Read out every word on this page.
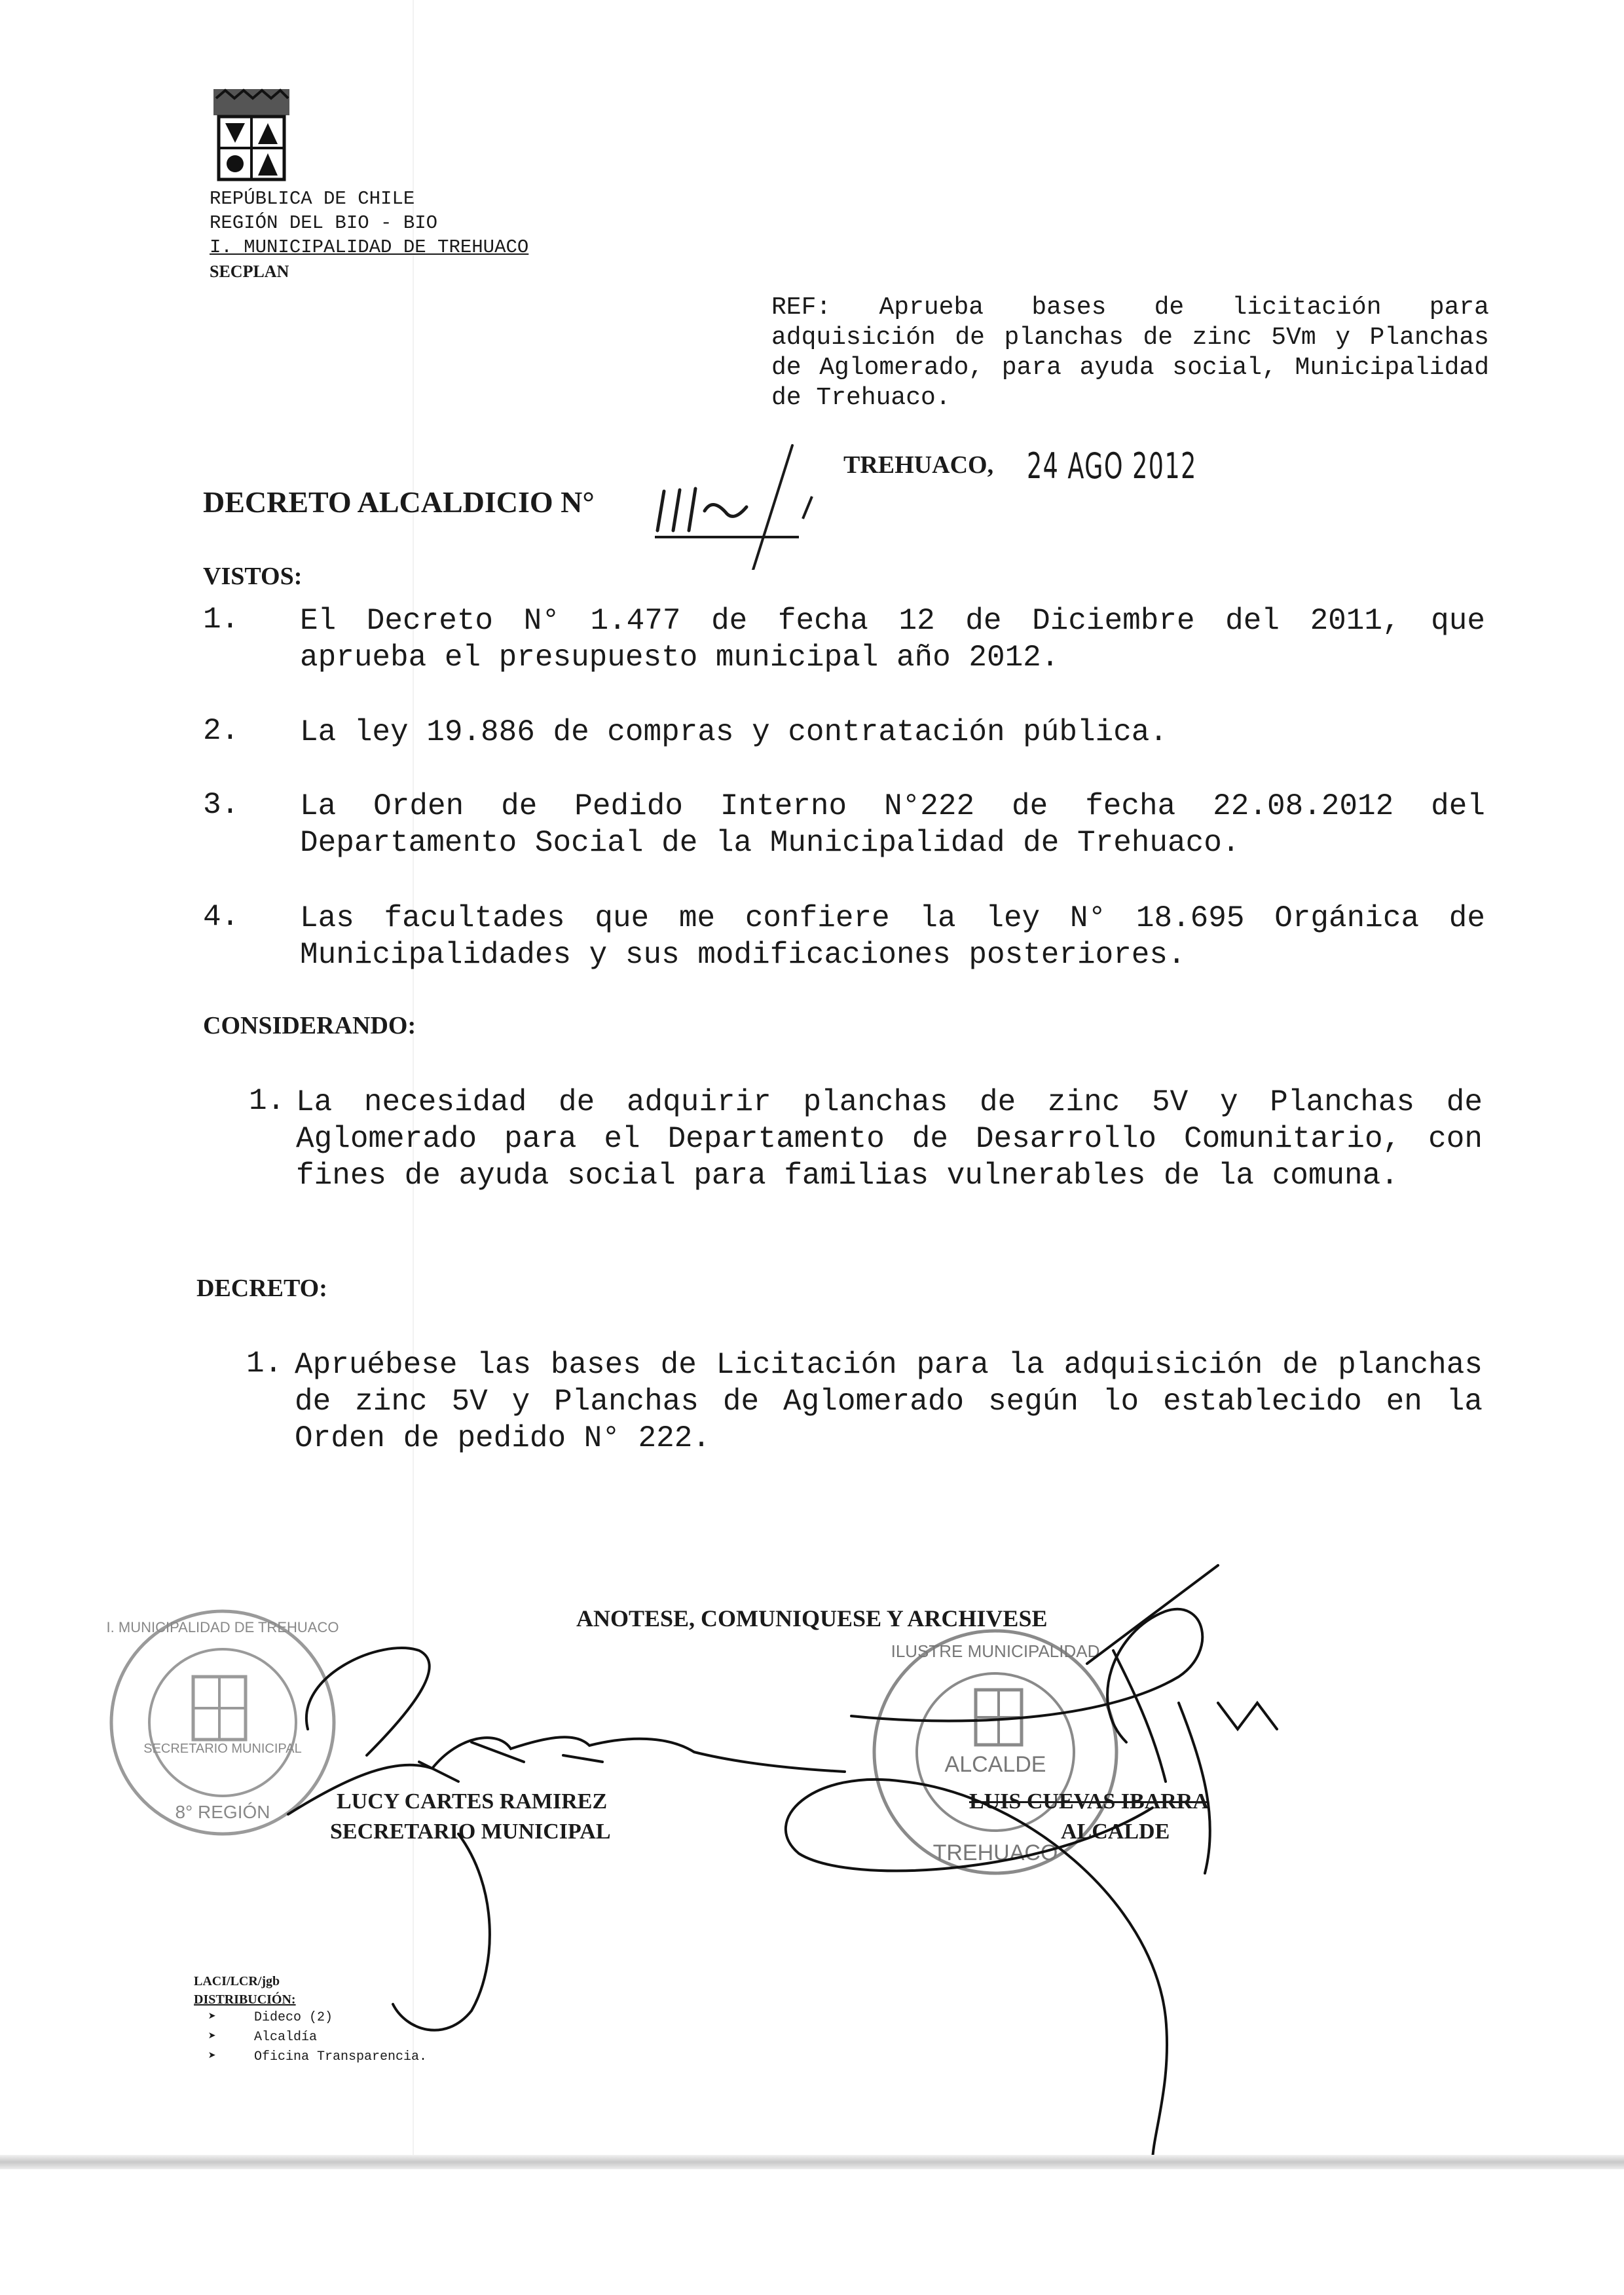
REPÚBLICA DE CHILE
REGIÓN DEL BIO - BIO
I. MUNICIPALIDAD DE TREHUACO
SECPLAN
REF: Aprueba bases de licitación para adquisición de planchas de zinc 5Vm y Planchas de Aglomerado, para ayuda social, Municipalidad de Trehuaco.
DECRETO ALCALDICIO N°
1117
TREHUACO, 24 AGO 2012
VISTOS:
1. El Decreto N° 1.477 de fecha 12 de Diciembre del 2011, que aprueba el presupuesto municipal año 2012.
2. La ley 19.886 de compras y contratación pública.
3. La Orden de Pedido Interno N°222 de fecha 22.08.2012 del Departamento Social de la Municipalidad de Trehuaco.
4. Las facultades que me confiere la ley N° 18.695 Orgánica de Municipalidades y sus modificaciones posteriores.
CONSIDERANDO:
1. La necesidad de adquirir planchas de zinc 5V y Planchas de Aglomerado para el Departamento de Desarrollo Comunitario, con fines de ayuda social para familias vulnerables de la comuna.
DECRETO:
1. Apruébese las bases de Licitación para la adquisición de planchas de zinc 5V y Planchas de Aglomerado según lo establecido en la Orden de pedido N° 222.
ANOTESE, COMUNIQUESE Y ARCHIVESE
SECRETARIO MUNICIPAL
I. MUNICIPALIDAD DE TREHUACO
8° REGIÓN
ALCALDE
ILUSTRE MUNICIPALIDAD
TREHUACO
LUCY CARTES RAMIREZ
SECRETARIO MUNICIPAL
LUIS CUEVAS IBARRA
ALCALDE
LACI/LCR/jgb
DISTRIBUCIÓN:
➤	Dideco (2)
➤	Alcaldía
➤	Oficina Transparencia.
